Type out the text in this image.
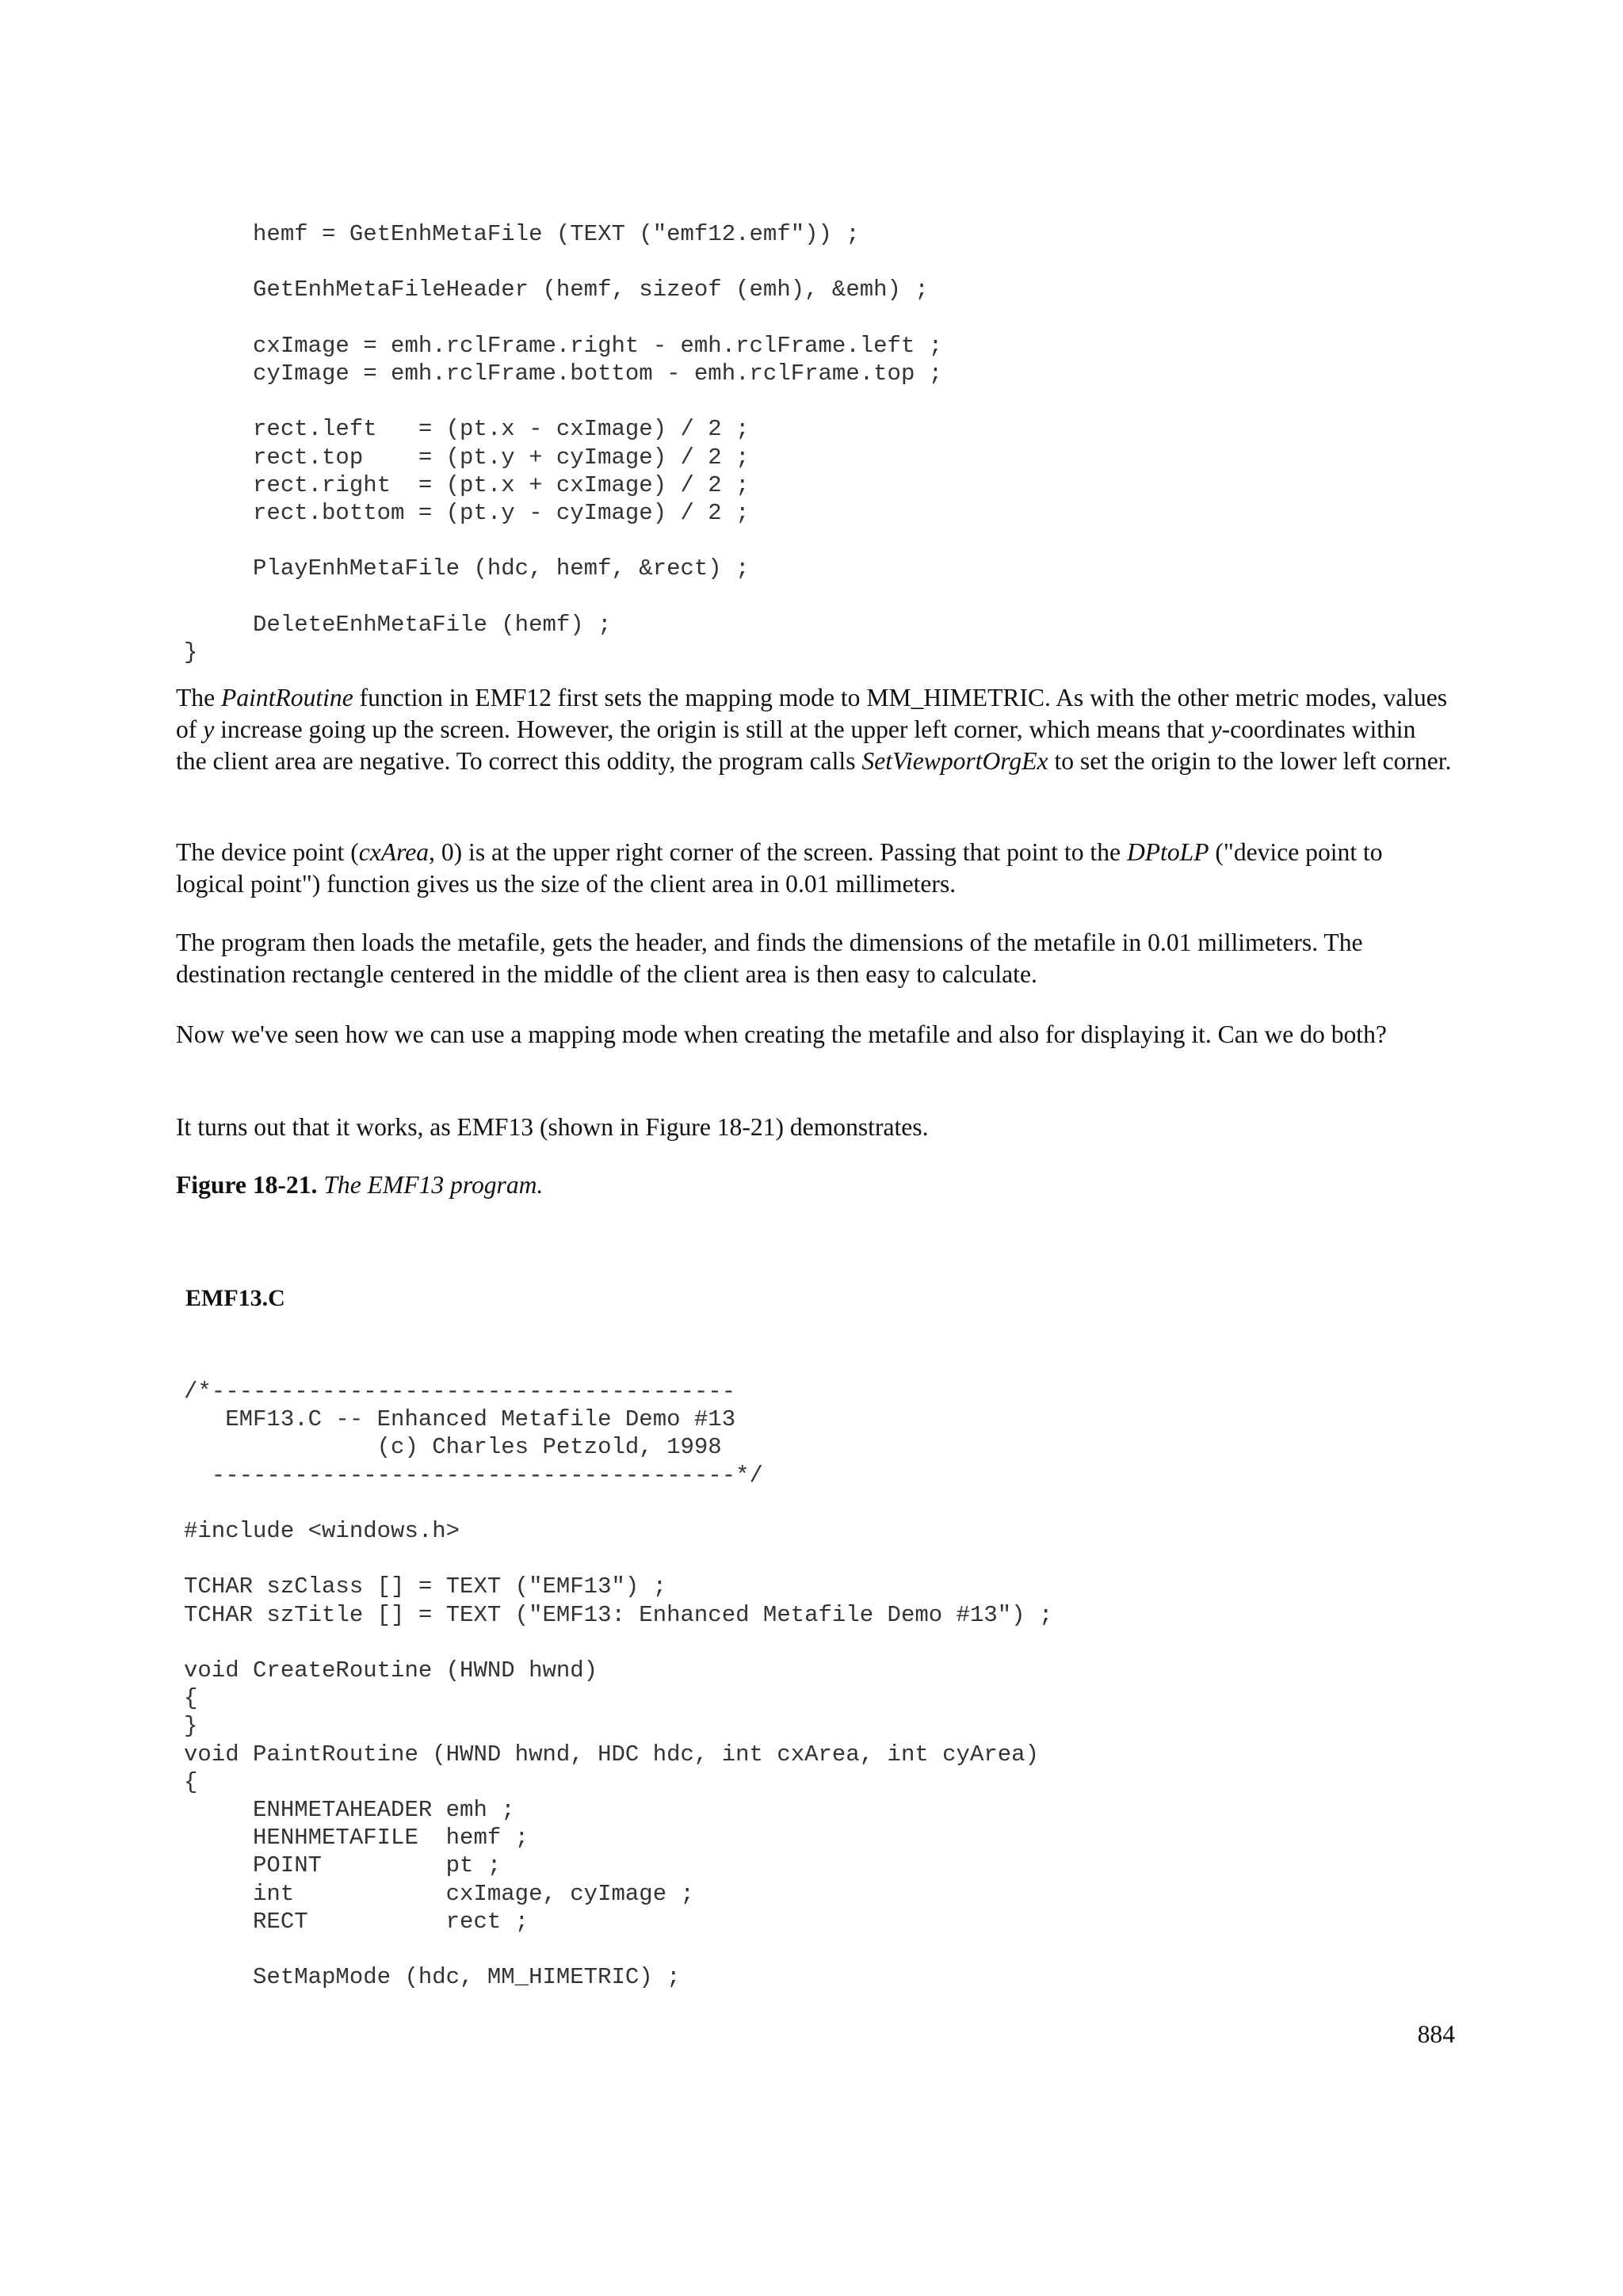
hemf = GetEnhMetaFile (TEXT ("emf12.emf")) ;

GetEnhMetaFileHeader (hemf, sizeof (emh), &emh) ;

cxImage = emh.rclFrame.right - emh.rclFrame.left ;
cyImage = emh.rclFrame.bottom - emh.rclFrame.top ;

rect.left   = (pt.x - cxImage) / 2 ;
rect.top    = (pt.y + cyImage) / 2 ;
rect.right  = (pt.x + cxImage) / 2 ;
rect.bottom = (pt.y - cyImage) / 2 ;

PlayEnhMetaFile (hdc, hemf, &rect) ;

DeleteEnhMetaFile (hemf) ;
}

The PaintRoutine function in EMF12 first sets the mapping mode to MM_HIMETRIC. As with the other metric modes, values of y increase going up the screen. However, the origin is still at the upper left corner, which means that y-coordinates within the client area are negative. To correct this oddity, the program calls SetViewportOrgEx to set the origin to the lower left corner.

The device point (cxArea, 0) is at the upper right corner of the screen. Passing that point to the DPtoLP ("device point to logical point") function gives us the size of the client area in 0.01 millimeters.

The program then loads the metafile, gets the header, and finds the dimensions of the metafile in 0.01 millimeters. The destination rectangle centered in the middle of the client area is then easy to calculate.

Now we've seen how we can use a mapping mode when creating the metafile and also for displaying it. Can we do both?

It turns out that it works, as EMF13 (shown in Figure 18-21) demonstrates.

Figure 18-21. The EMF13 program.

EMF13.C

/*--------------------------------------
EMF13.C -- Enhanced Metafile Demo #13
(c) Charles Petzold, 1998
--------------------------------------*/

#include <windows.h>

TCHAR szClass [] = TEXT ("EMF13") ;
TCHAR szTitle [] = TEXT ("EMF13: Enhanced Metafile Demo #13") ;

void CreateRoutine (HWND hwnd)
{
}
void PaintRoutine (HWND hwnd, HDC hdc, int cxArea, int cyArea)
{
ENHMETAHEADER emh ;
HENHMETAFILE  hemf ;
POINT         pt ;
int           cxImage, cyImage ;
RECT          rect ;

SetMapMode (hdc, MM_HIMETRIC) ;

884
